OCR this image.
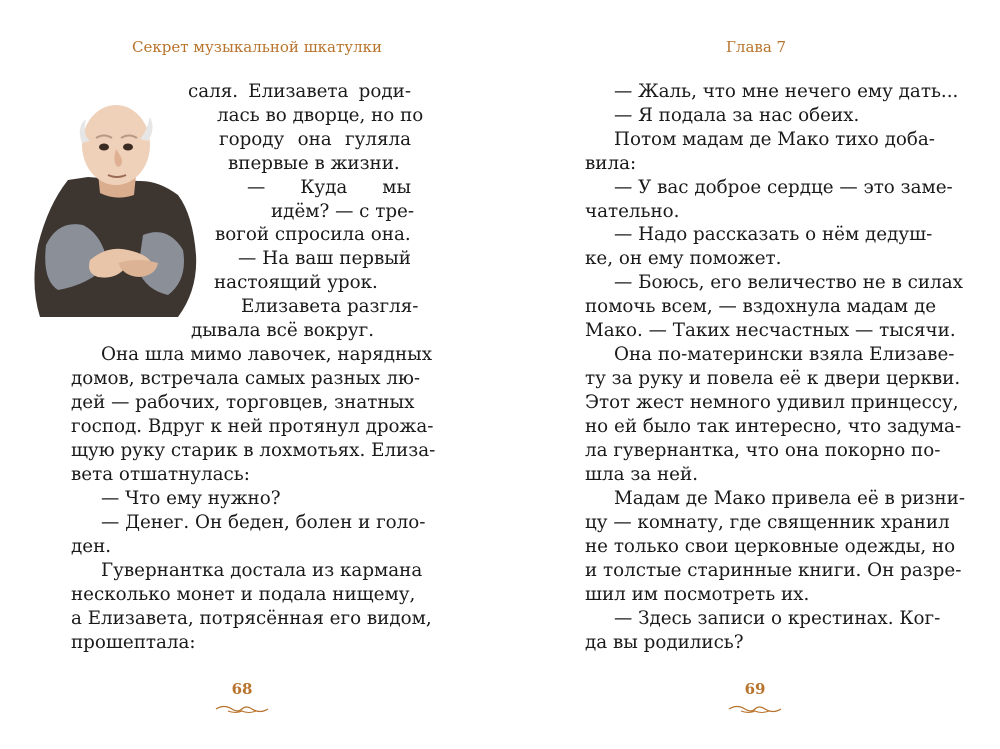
Секрет музыкальной шкатулки
саля. Елизавета роди-
лась во дворце, но по
городу она гуляла
впервые в жизни.
— Куда мы
идём? — с тре-
вогой спросила она.
— На ваш первый
настоящий урок.
Елизавета разгля-
дывала всё вокруг.
Она шла мимо лавочек, нарядных
домов, встречала самых разных лю-
дей — рабочих, торговцев, знатных
господ. Вдруг к ней протянул дрожа-
щую руку старик в лохмотьях. Елиза-
вета отшатнулась:
— Что ему нужно?
— Денег. Он беден, болен и голо-
ден.
Гувернантка достала из кармана
несколько монет и подала нищему,
а Елизавета, потрясённая его видом,
прошептала:
68
Глава 7
— Жаль, что мне нечего ему дать...
— Я подала за нас обеих.
Потом мадам де Мако тихо доба-
вила:
— У вас доброе сердце — это заме-
чательно.
— Надо рассказать о нём дедуш-
ке, он ему поможет.
— Боюсь, его величество не в силах
помочь всем, — вздохнула мадам де
Мако. — Таких несчастных — тысячи.
Она по-матерински взяла Елизаве-
ту за руку и повела её к двери церкви.
Этот жест немного удивил принцессу,
но ей было так интересно, что задума-
ла гувернантка, что она покорно по-
шла за ней.
Мадам де Мако привела её в ризни-
цу — комнату, где священник хранил
не только свои церковные одежды, но
и толстые старинные книги. Он разре-
шил им посмотреть их.
— Здесь записи о крестинах. Ког-
да вы родились?
69
